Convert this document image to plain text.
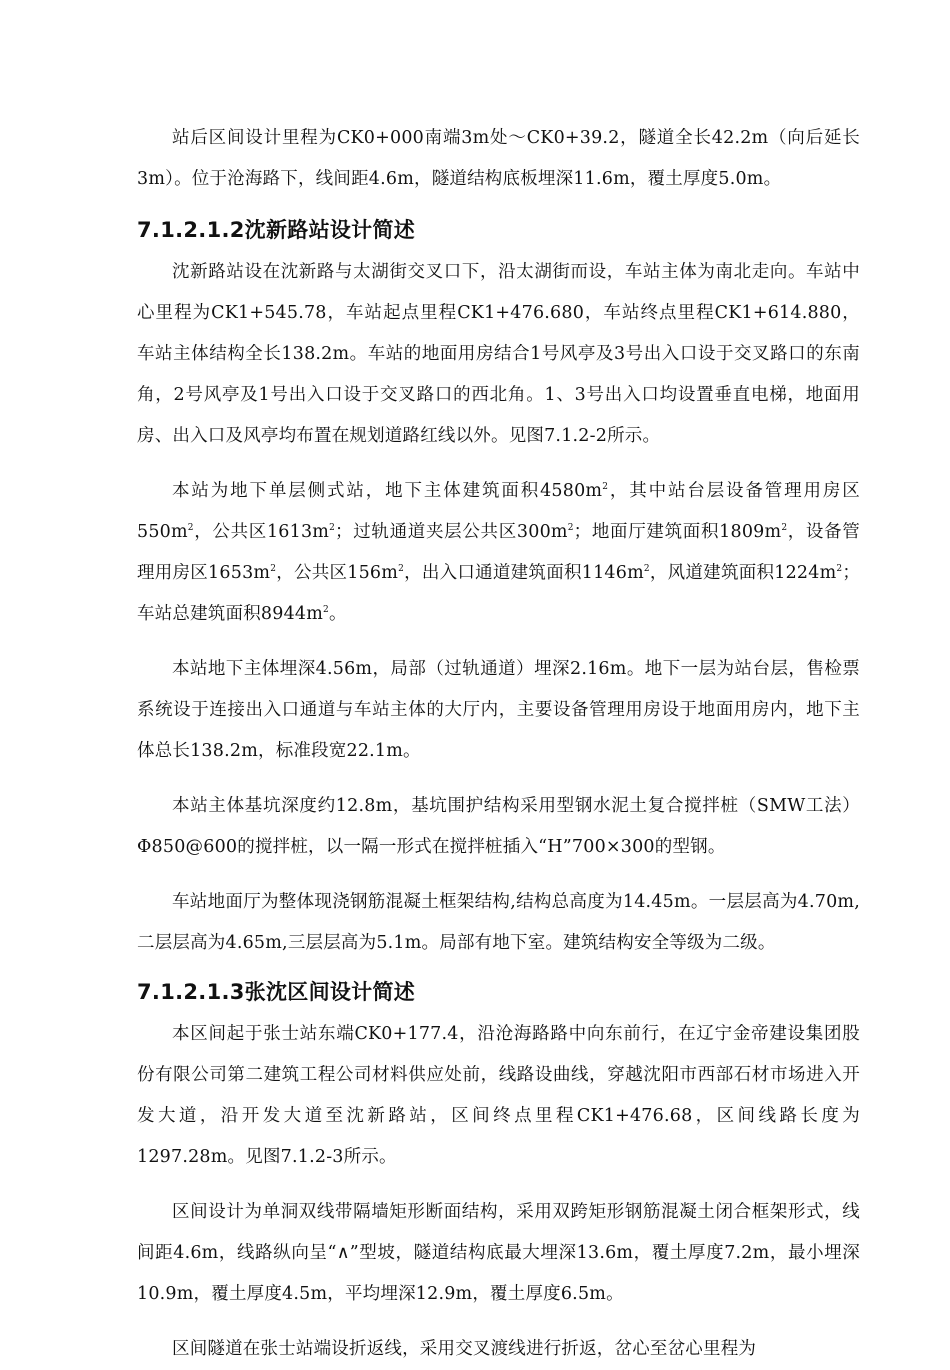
站后区间设计里程为CK0+000南端3m处～CK0+39.2，隧道全长42.2m（向后延长3m）。位于沧海路下，线间距4.6m，隧道结构底板埋深11.6m，覆土厚度5.0m。

7.1.2.1.2沈新路站设计简述

沈新路站设在沈新路与太湖街交叉口下，沿太湖街而设，车站主体为南北走向。车站中心里程为CK1+545.78，车站起点里程CK1+476.680，车站终点里程CK1+614.880，车站主体结构全长138.2m。车站的地面用房结合1号风亭及3号出入口设于交叉路口的东南角，2号风亭及1号出入口设于交叉路口的西北角。1、3号出入口均设置垂直电梯，地面用房、出入口及风亭均布置在规划道路红线以外。见图7.1.2-2所示。

本站为地下单层侧式站，地下主体建筑面积$4580m^2$，其中站台层设备管理用房区$550m^2$，公共区$1613m^2$；过轨通道夹层公共区$300m^2$；地面厅建筑面积$1809m^2$，设备管理用房区$1653m^2$，公共区$156m^2$，出入口通道建筑面积$1146m^2$，风道建筑面积$1224m^2$；车站总建筑面积$8944m^2$。

本站地下主体埋深4.56m，局部（过轨通道）埋深2.16m。地下一层为站台层，售检票系统设于连接出入口通道与车站主体的大厅内，主要设备管理用房设于地面用房内，地下主体总长138.2m，标准段宽22.1m。

本站主体基坑深度约12.8m，基坑围护结构采用型钢水泥土复合搅拌桩（SMW工法）Φ850@600的搅拌桩，以一隔一形式在搅拌桩插入“H”700×300的型钢。

车站地面厅为整体现浇钢筋混凝土框架结构,结构总高度为14.45m。一层层高为4.70m,二层层高为4.65m,三层层高为5.1m。局部有地下室。建筑结构安全等级为二级。

7.1.2.1.3张沈区间设计简述

本区间起于张士站东端CK0+177.4，沿沧海路路中向东前行，在辽宁金帝建设集团股份有限公司第二建筑工程公司材料供应处前，线路设曲线，穿越沈阳市西部石材市场进入开发大道，沿开发大道至沈新路站，区间终点里程CK1+476.68，区间线路长度为1297.28m。见图7.1.2-3所示。

区间设计为单洞双线带隔墙矩形断面结构，采用双跨矩形钢筋混凝土闭合框架形式，线间距4.6m，线路纵向呈“∧”型坡，隧道结构底最大埋深13.6m，覆土厚度7.2m，最小埋深10.9m，覆土厚度4.5m，平均埋深12.9m，覆土厚度6.5m。

区间隧道在张士站端设折返线，采用交叉渡线进行折返，岔心至岔心里程为
